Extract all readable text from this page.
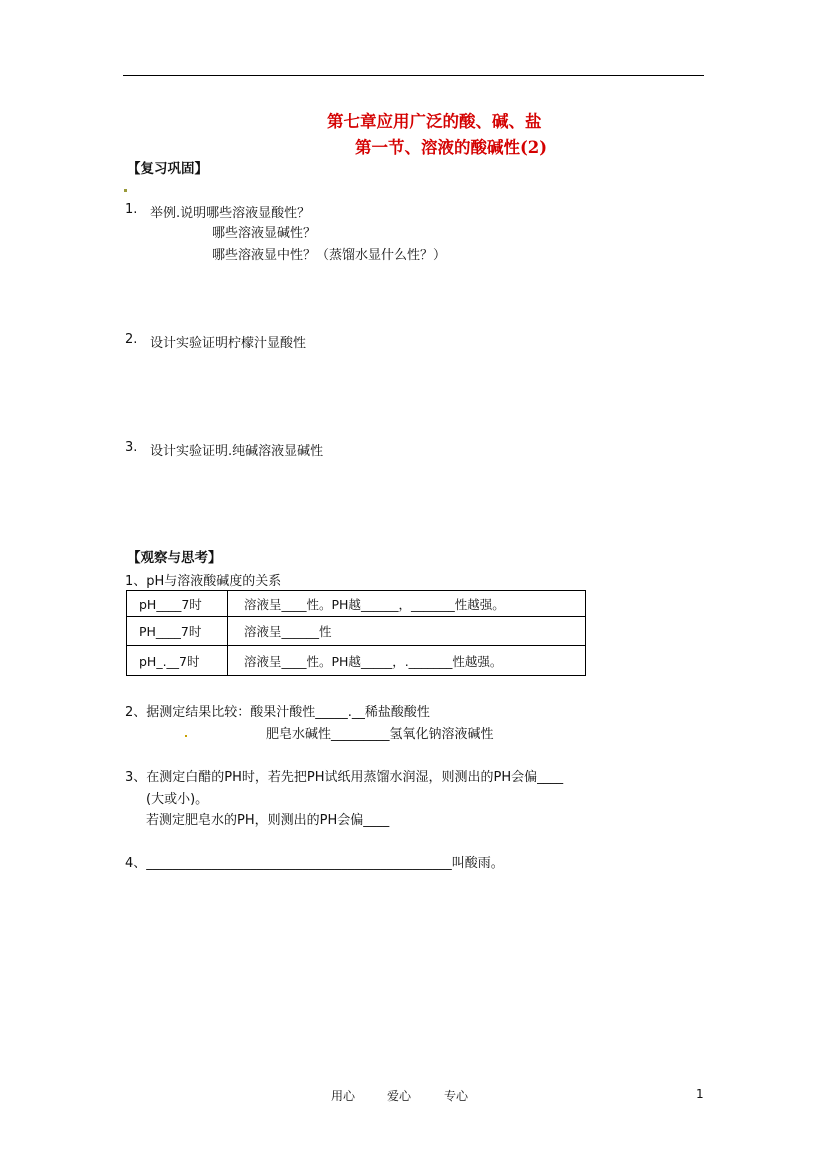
第七章应用广泛的酸、碱、盐
第一节、溶液的酸碱性(2)
【复习巩固】
1. 举例.说明哪些溶液显酸性？
哪些溶液显碱性？
哪些溶液显中性？（蒸馏水显什么性？）
2. 设计实验证明柠檬汁显酸性
3. 设计实验证明.纯碱溶液显碱性
【观察与思考】
1、pH与溶液酸碱度的关系
pH____7时	溶液呈____性。PH越______，_______性越强。
PH____7时	溶液呈______性
pH_.__7时	溶液呈____性。PH越_____，._______性越强。
2、据测定结果比较：酸果汁酸性_____.__稀盐酸酸性
肥皂水碱性_________氢氧化钠溶液碱性
3、在测定白醋的PH时，若先把PH试纸用蒸馏水润湿，则测出的PH会偏____
(大或小)。
若测定肥皂水的PH，则测出的PH会偏____
4、_______________________________________________叫酸雨。
用心	爱心	专心	1
